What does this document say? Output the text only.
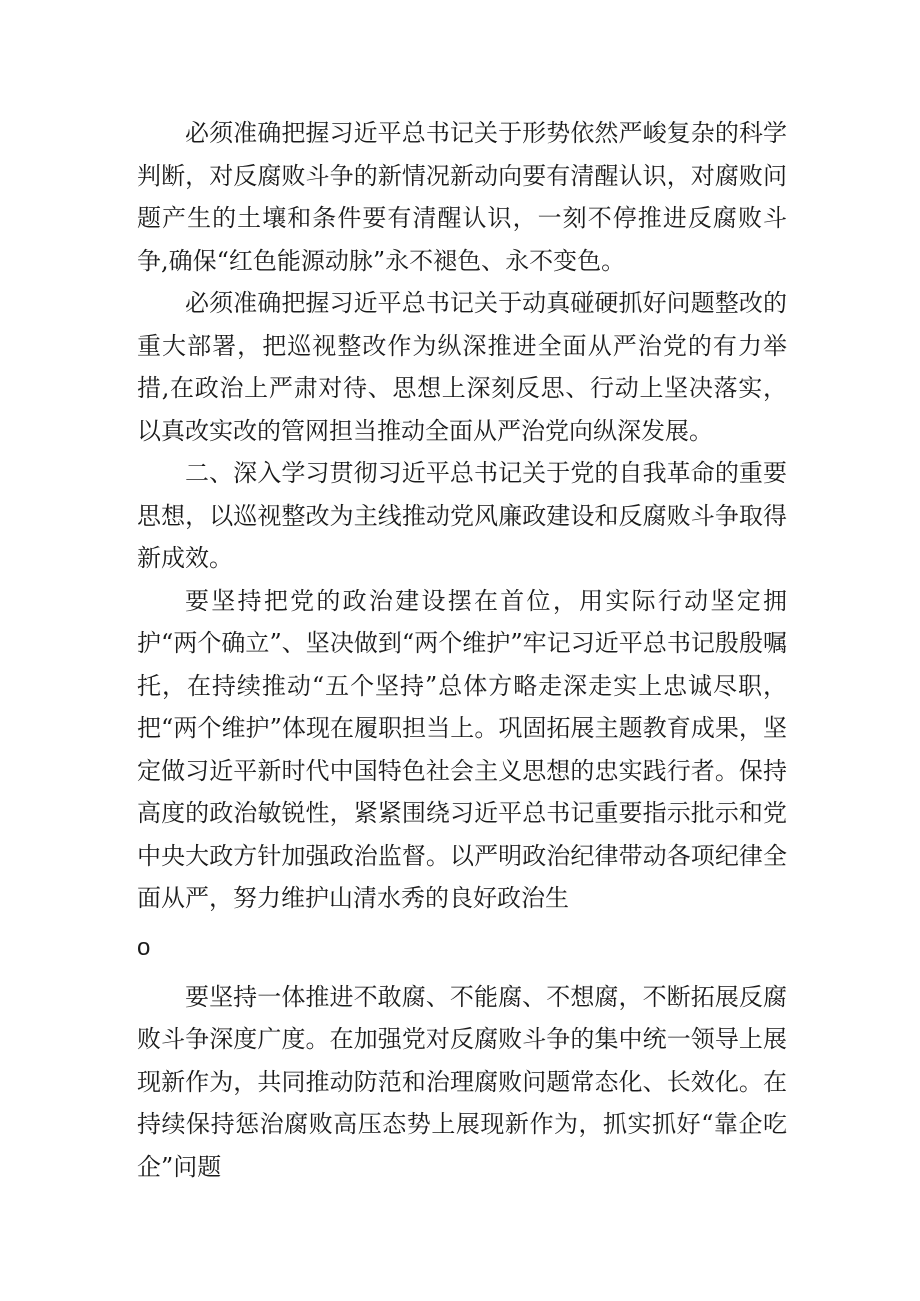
必须准确把握习近平总书记关于形势依然严峻复杂的科学判断，对反腐败斗争的新情况新动向要有清醒认识，对腐败问题产生的土壤和条件要有清醒认识，一刻不停推进反腐败斗争,确保“红色能源动脉”永不褪色、永不变色。

必须准确把握习近平总书记关于动真碰硬抓好问题整改的重大部署，把巡视整改作为纵深推进全面从严治党的有力举措,在政治上严肃对待、思想上深刻反思、行动上坚决落实，以真改实改的管网担当推动全面从严治党向纵深发展。

二、深入学习贯彻习近平总书记关于党的自我革命的重要思想，以巡视整改为主线推动党风廉政建设和反腐败斗争取得新成效。

要坚持把党的政治建设摆在首位，用实际行动坚定拥护“两个确立”、坚决做到“两个维护”牢记习近平总书记殷殷嘱托，在持续推动“五个坚持”总体方略走深走实上忠诚尽职，把“两个维护”体现在履职担当上。巩固拓展主题教育成果，坚定做习近平新时代中国特色社会主义思想的忠实践行者。保持高度的政治敏锐性，紧紧围绕习近平总书记重要指示批示和党中央大政方针加强政治监督。以严明政治纪律带动各项纪律全面从严，努力维护山清水秀的良好政治生

o

要坚持一体推进不敢腐、不能腐、不想腐，不断拓展反腐败斗争深度广度。在加强党对反腐败斗争的集中统一领导上展现新作为，共同推动防范和治理腐败问题常态化、长效化。在持续保持惩治腐败高压态势上展现新作为，抓实抓好“靠企吃企”问题
